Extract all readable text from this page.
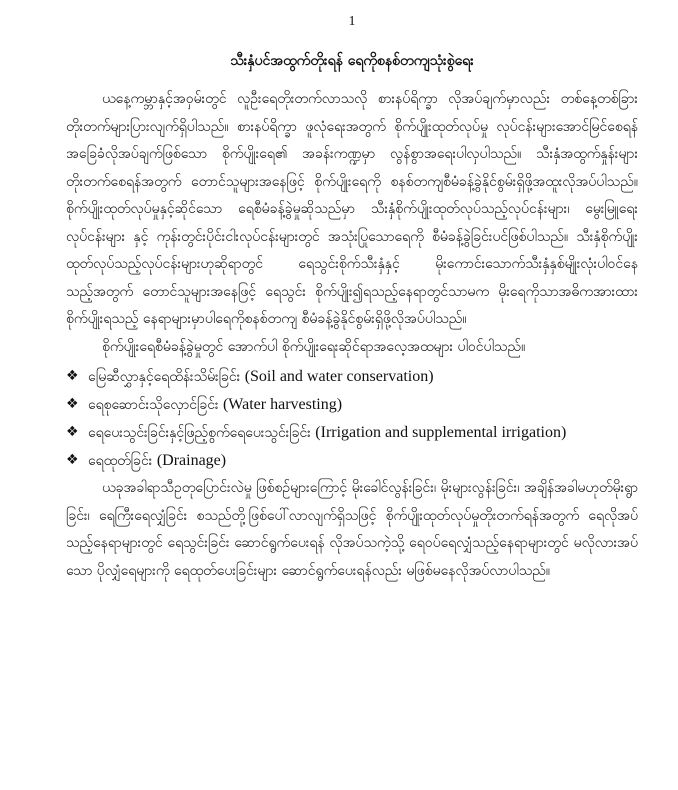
1
သီးနှံပင်အထွက်တိုးရန် ရေကိုစနစ်တကျသုံးစွဲရေး

ယနေ့ကမ္ဘာနှင့်အဝှမ်းတွင် လူဦးရေတိုးတက်လာသလို စားနပ်ရိက္ခာ လိုအပ်ချက်မှာလည်း တစ်နေ့တစ်ခြား တိုးတက်များပြားလျက်ရှိပါသည်။ စားနပ်ရိက္ခာ ဖူလုံရေးအတွက် စိုက်ပျိုးထုတ်လုပ်မှု လုပ်ငန်းများအောင်မြင်စေရန် အခြေခံလိုအပ်ချက်ဖြစ်သော စိုက်ပျိုးရေ၏ အခန်းကဏ္ဍမှာ လွန်စွာအရေးပါလှပါသည်။ သီးနှံအထွက်နှုန်းများ တိုးတက်စေရန်အတွက် တောင်သူများအနေဖြင့် စိုက်ပျိုးရေကို စနစ်တကျစီမံခန့်ခွဲနိုင်စွမ်းရှိဖို့အထူးလိုအပ်ပါသည်။ စိုက်ပျိုးထုတ်လုပ်မှုနှင့်ဆိုင်သော ရေစီမံခန့်ခွဲမှုဆိုသည်မှာ သီးနှံစိုက်ပျိုးထုတ်လုပ်သည့်လုပ်ငန်းများ၊ မွေးမြူရေးလုပ်ငန်းများ နှင့် ကုန်းတွင်းပိုင်းငါးလုပ်ငန်းများတွင် အသုံးပြုသောရေကို စီမံခန့်ခွဲခြင်းပင်ဖြစ်ပါသည်။ သီးနှံစိုက်ပျိုးထုတ်လုပ်သည့်လုပ်ငန်းများဟုဆိုရာတွင် ရေသွင်းစိုက်သီးနှံနှင့် မိုးကောင်းသောက်သီးနှံနှစ်မျိုးလုံးပါဝင်နေသည့်အတွက် တောင်သူများအနေဖြင့် ရေသွင်း စိုက်ပျိုး၍ရသည့်နေရာတွင်သာမက မိုးရေကိုသာအဓိကအားထားစိုက်ပျိုးရသည့် နေရာများမှာပါရေကိုစနစ်တကျ စီမံခန့်ခွဲနိုင်စွမ်းရှိဖို့လိုအပ်ပါသည်။

စိုက်ပျိုးရေစီမံခန့်ခွဲမှုတွင် အောက်ပါ စိုက်ပျိုးရေးဆိုင်ရာအလေ့အထများ ပါဝင်ပါသည်။

❖ မြေဆီလွှာနှင့်ရေထိန်းသိမ်းခြင်း (Soil and water conservation)
❖ ရေစုဆောင်းသိုလှောင်ခြင်း (Water harvesting)
❖ ရေပေးသွင်းခြင်းနှင့်ဖြည့်စွက်ရေပေးသွင်းခြင်း (Irrigation and supplemental irrigation)
❖ ရေထုတ်ခြင်း (Drainage)

ယခုအခါရာသီဥတုပြောင်းလဲမှု ဖြစ်စဉ်များကြောင့် မိုးခေါင်လွန်းခြင်း၊ မိုးများလွန်းခြင်း၊ အချိန်အခါမဟုတ်မိုးရွာခြင်း၊ ရေကြီးရေလျှံခြင်း စသည်တို့ဖြစ်ပေါ်လာလျက်ရှိသဖြင့် စိုက်ပျိုးထုတ်လုပ်မှုတိုးတက်ရန်အတွက် ရေလိုအပ်သည့်နေရာများတွင် ရေသွင်းခြင်း ဆောင်ရွက်ပေးရန် လိုအပ်သကဲ့သို့ ရေဝပ်ရေလျှံသည့်နေရာများတွင် မလိုလားအပ်သော ပိုလျှံရေများကို ရေထုတ်ပေးခြင်းများ ဆောင်ရွက်ပေးရန်လည်း မဖြစ်မနေလိုအပ်လာပါသည်။
